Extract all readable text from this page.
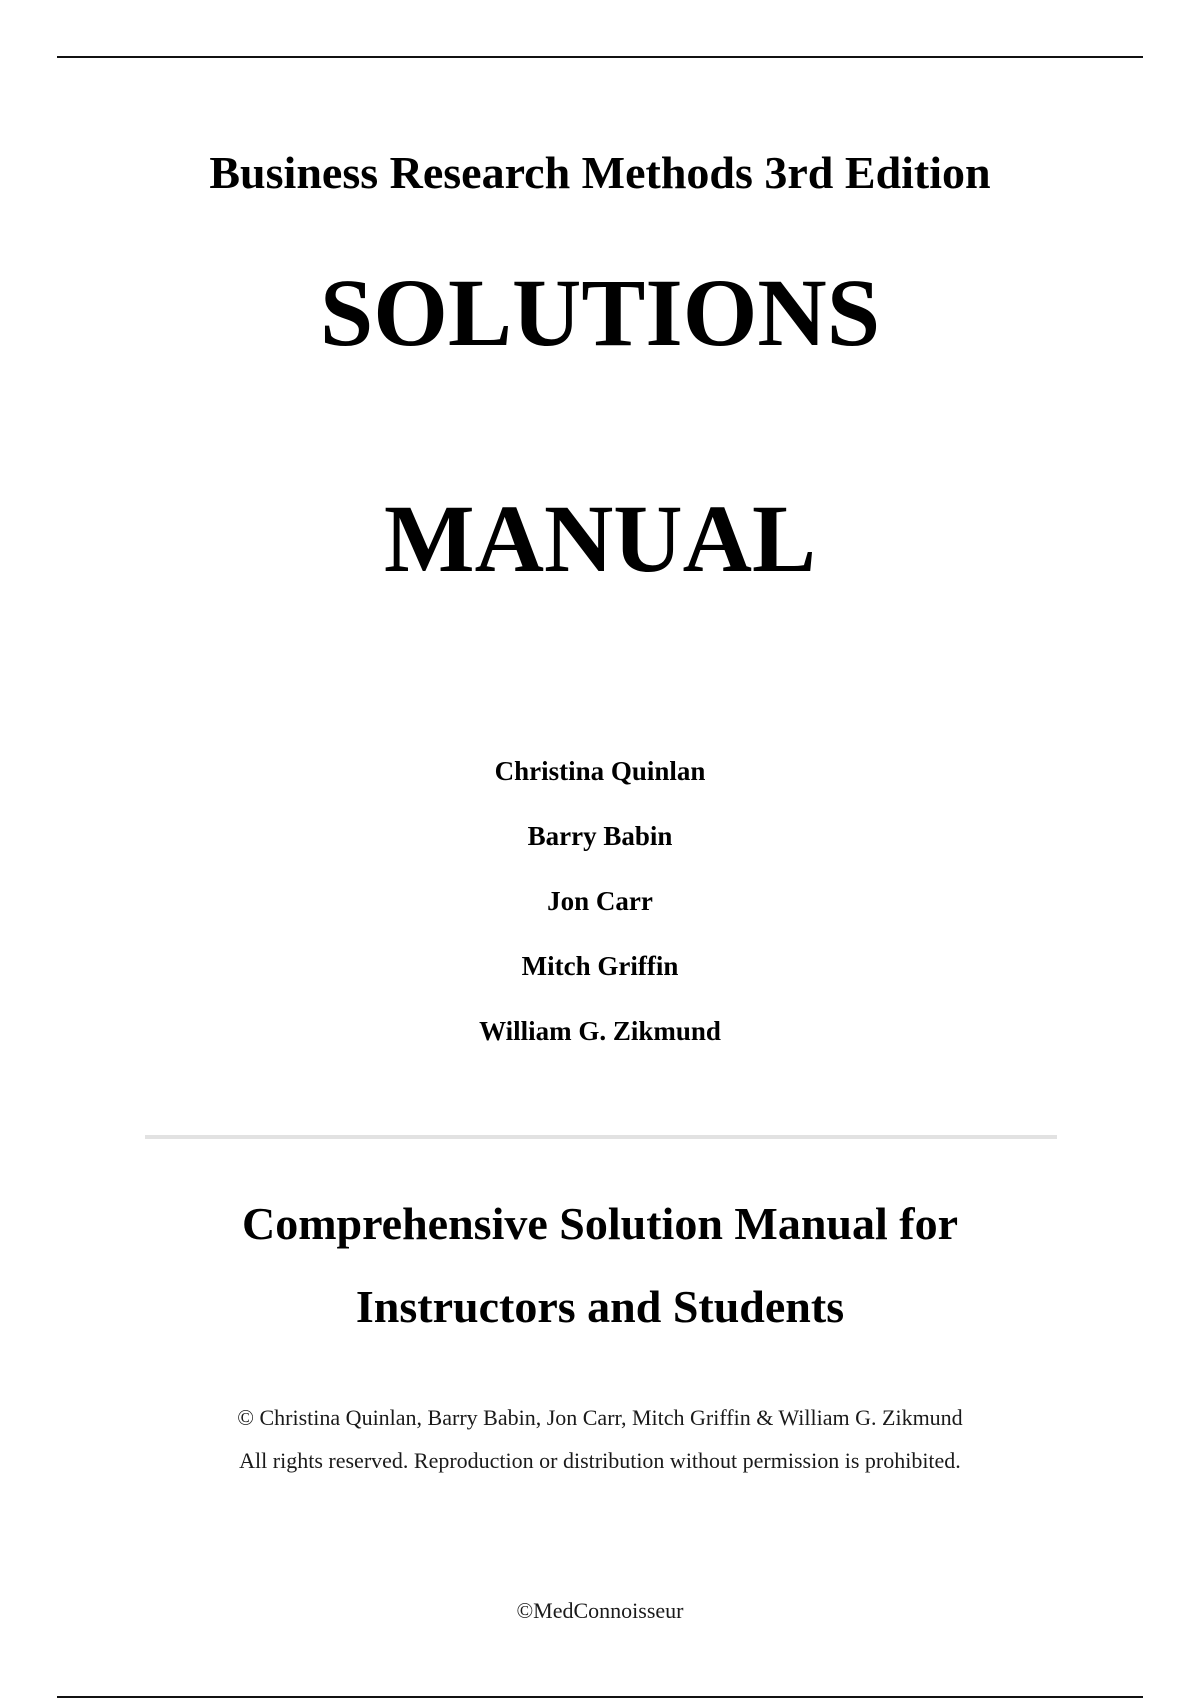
Business Research Methods 3rd Edition
SOLUTIONS
MANUAL
Christina Quinlan
Barry Babin
Jon Carr
Mitch Griffin
William G. Zikmund
Comprehensive Solution Manual for
Instructors and Students
© Christina Quinlan, Barry Babin, Jon Carr, Mitch Griffin & William G. Zikmund
All rights reserved. Reproduction or distribution without permission is prohibited.
©MedConnoisseur
